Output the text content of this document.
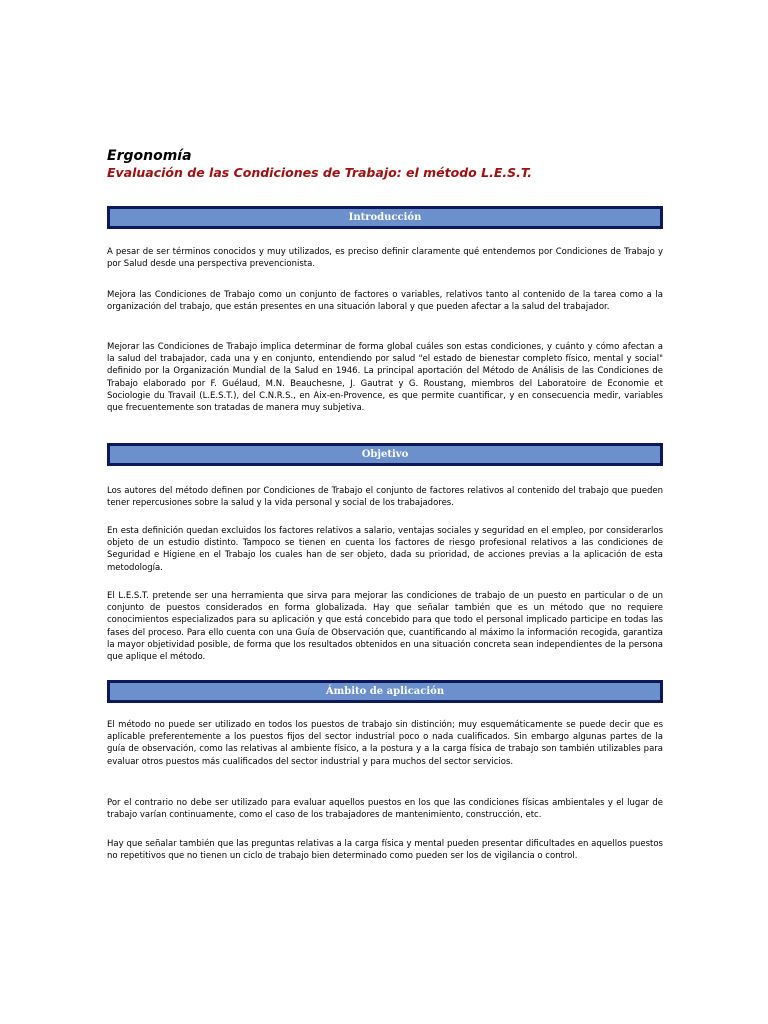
Ergonomía

Evaluación de las Condiciones de Trabajo: el método L.E.S.T.

Introducción

A pesar de ser términos conocidos y muy utilizados, es preciso definir claramente qué entendemos por Condiciones de Trabajo y por Salud desde una perspectiva prevencionista.

Mejora las Condiciones de Trabajo como un conjunto de factores o variables, relativos tanto al contenido de la tarea como a la organización del trabajo, que están presentes en una situación laboral y que pueden afectar a la salud del trabajador.

Mejorar las Condiciones de Trabajo implica determinar de forma global cuáles son estas condiciones, y cuánto y cómo afectan a la salud del trabajador, cada una y en conjunto, entendiendo por salud "el estado de bienestar completo físico, mental y social" definido por la Organización Mundial de la Salud en 1946. La principal aportación del Método de Análisis de las Condiciones de Trabajo elaborado por F. Guélaud, M.N. Beauchesne, J. Gautrat y G. Roustang, miembros del Laboratoire de Economie et Sociologie du Travail (L.E.S.T.), del C.N.R.S., en Aix-en-Provence, es que permite cuantificar, y en consecuencia medir, variables que frecuentemente son tratadas de manera muy subjetiva.

Objetivo

Los autores del método definen por Condiciones de Trabajo el conjunto de factores relativos al contenido del trabajo que pueden tener repercusiones sobre la salud y la vida personal y social de los trabajadores.

En esta definición quedan excluidos los factores relativos a salario, ventajas sociales y seguridad en el empleo, por considerarlos objeto de un estudio distinto. Tampoco se tienen en cuenta los factores de riesgo profesional relativos a las condiciones de Seguridad e Higiene en el Trabajo los cuales han de ser objeto, dada su prioridad, de acciones previas a la aplicación de esta metodología.

El L.E.S.T. pretende ser una herramienta que sirva para mejorar las condiciones de trabajo de un puesto en particular o de un conjunto de puestos considerados en forma globalizada. Hay que señalar también que es un método que no requiere conocimientos especializados para su aplicación y que está concebido para que todo el personal implicado participe en todas las fases del proceso. Para ello cuenta con una Guía de Observación que, cuantificando al máximo la información recogida, garantiza la mayor objetividad posible, de forma que los resultados obtenidos en una situación concreta sean independientes de la persona que aplique el método.

Ámbito de aplicación

El método no puede ser utilizado en todos los puestos de trabajo sin distinción; muy esquemáticamente se puede decir que es aplicable preferentemente a los puestos fijos del sector industrial poco o nada cualificados. Sin embargo algunas partes de la guía de observación, como las relativas al ambiente físico, a la postura y a la carga física de trabajo son también utilizables para evaluar otros puestos más cualificados del sector industrial y para muchos del sector servicios.

Por el contrario no debe ser utilizado para evaluar aquellos puestos en los que las condiciones físicas ambientales y el lugar de trabajo varían continuamente, como el caso de los trabajadores de mantenimiento, construcción, etc.

Hay que señalar también que las preguntas relativas a la carga física y mental pueden presentar dificultades en aquellos puestos no repetitivos que no tienen un ciclo de trabajo bien determinado como pueden ser los de vigilancia o control.
